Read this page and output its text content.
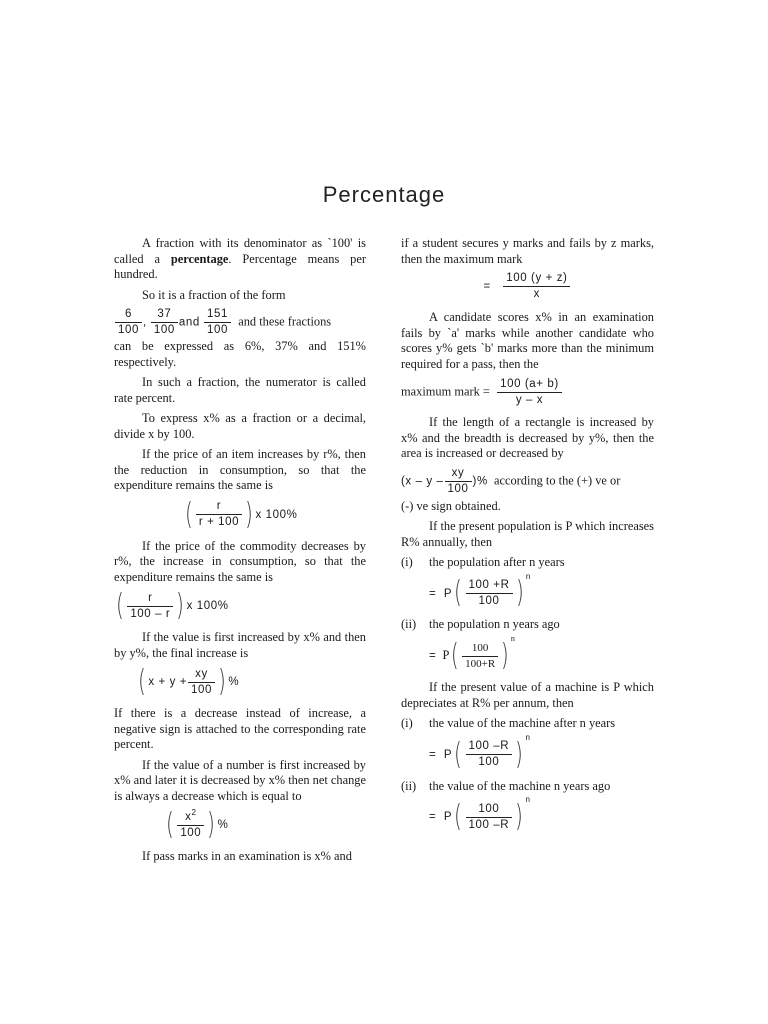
Percentage

A fraction with its denominator as `100' is called a percentage. Percentage means per hundred.

So it is a fraction of the form

$\frac{6}{100}$ , $\frac{37}{100}$ and $\frac{151}{100}$ and these fractions

can be expressed as 6%, 37% and 151% respectively.

In such a fraction, the numerator is called rate percent.

To express x% as a fraction or a decimal, divide x by 100.

If the price of an item increases by r%, then the reduction in consumption, so that the expenditure remains the same is

( $\frac{r}{r + 100}$ ) x 100%

If the price of the commodity decreases by r%, the increase in consumption, so that the expenditure remains the same is

( $\frac{r}{100 - r}$ ) x 100%

If the value is first increased by x% and then by y%, the final increase is

( $x + y + \frac{xy}{100}$ ) %

If there is a decrease instead of increase, a negative sign is attached to the corresponding rate percent.

If the value of a number is first increased by x% and later it is decreased by x% then net change is always a decrease which is equal to

( $\frac{x^2}{100}$ ) %

If pass marks in an examination is x% and

if a student secures y marks and fails by z marks, then the maximum mark

= $\frac{100 (y + z)}{x}$

A candidate scores x% in an examination fails by `a' marks while another candidate who scores y% gets `b' marks more than the minimum required for a pass, then the

maximum mark = $\frac{100 (a+ b)}{y - x}$

If the length of a rectangle is increased by x% and the breadth is decreased by y%, then the area is increased or decreased by

(x – y – $\frac{xy}{100}$ )% according to the (+) ve or

(-) ve sign obtained.

If the present population is P which increases R% annually, then

(i)	the population after n years
= $P( \frac{100 +R}{100}$ ) $^n$
(ii)	the population n years ago
= $P( \frac{100}{100+R}$ ) $^n$

If the present value of a machine is P which depreciates at R% per annum, then

(i)	the value of the machine after n years
= $P( \frac{100 -R}{100}$ ) $^n$
(ii)	the value of the machine n years ago
= $P( \frac{100}{100 -R}$ ) $^n$
